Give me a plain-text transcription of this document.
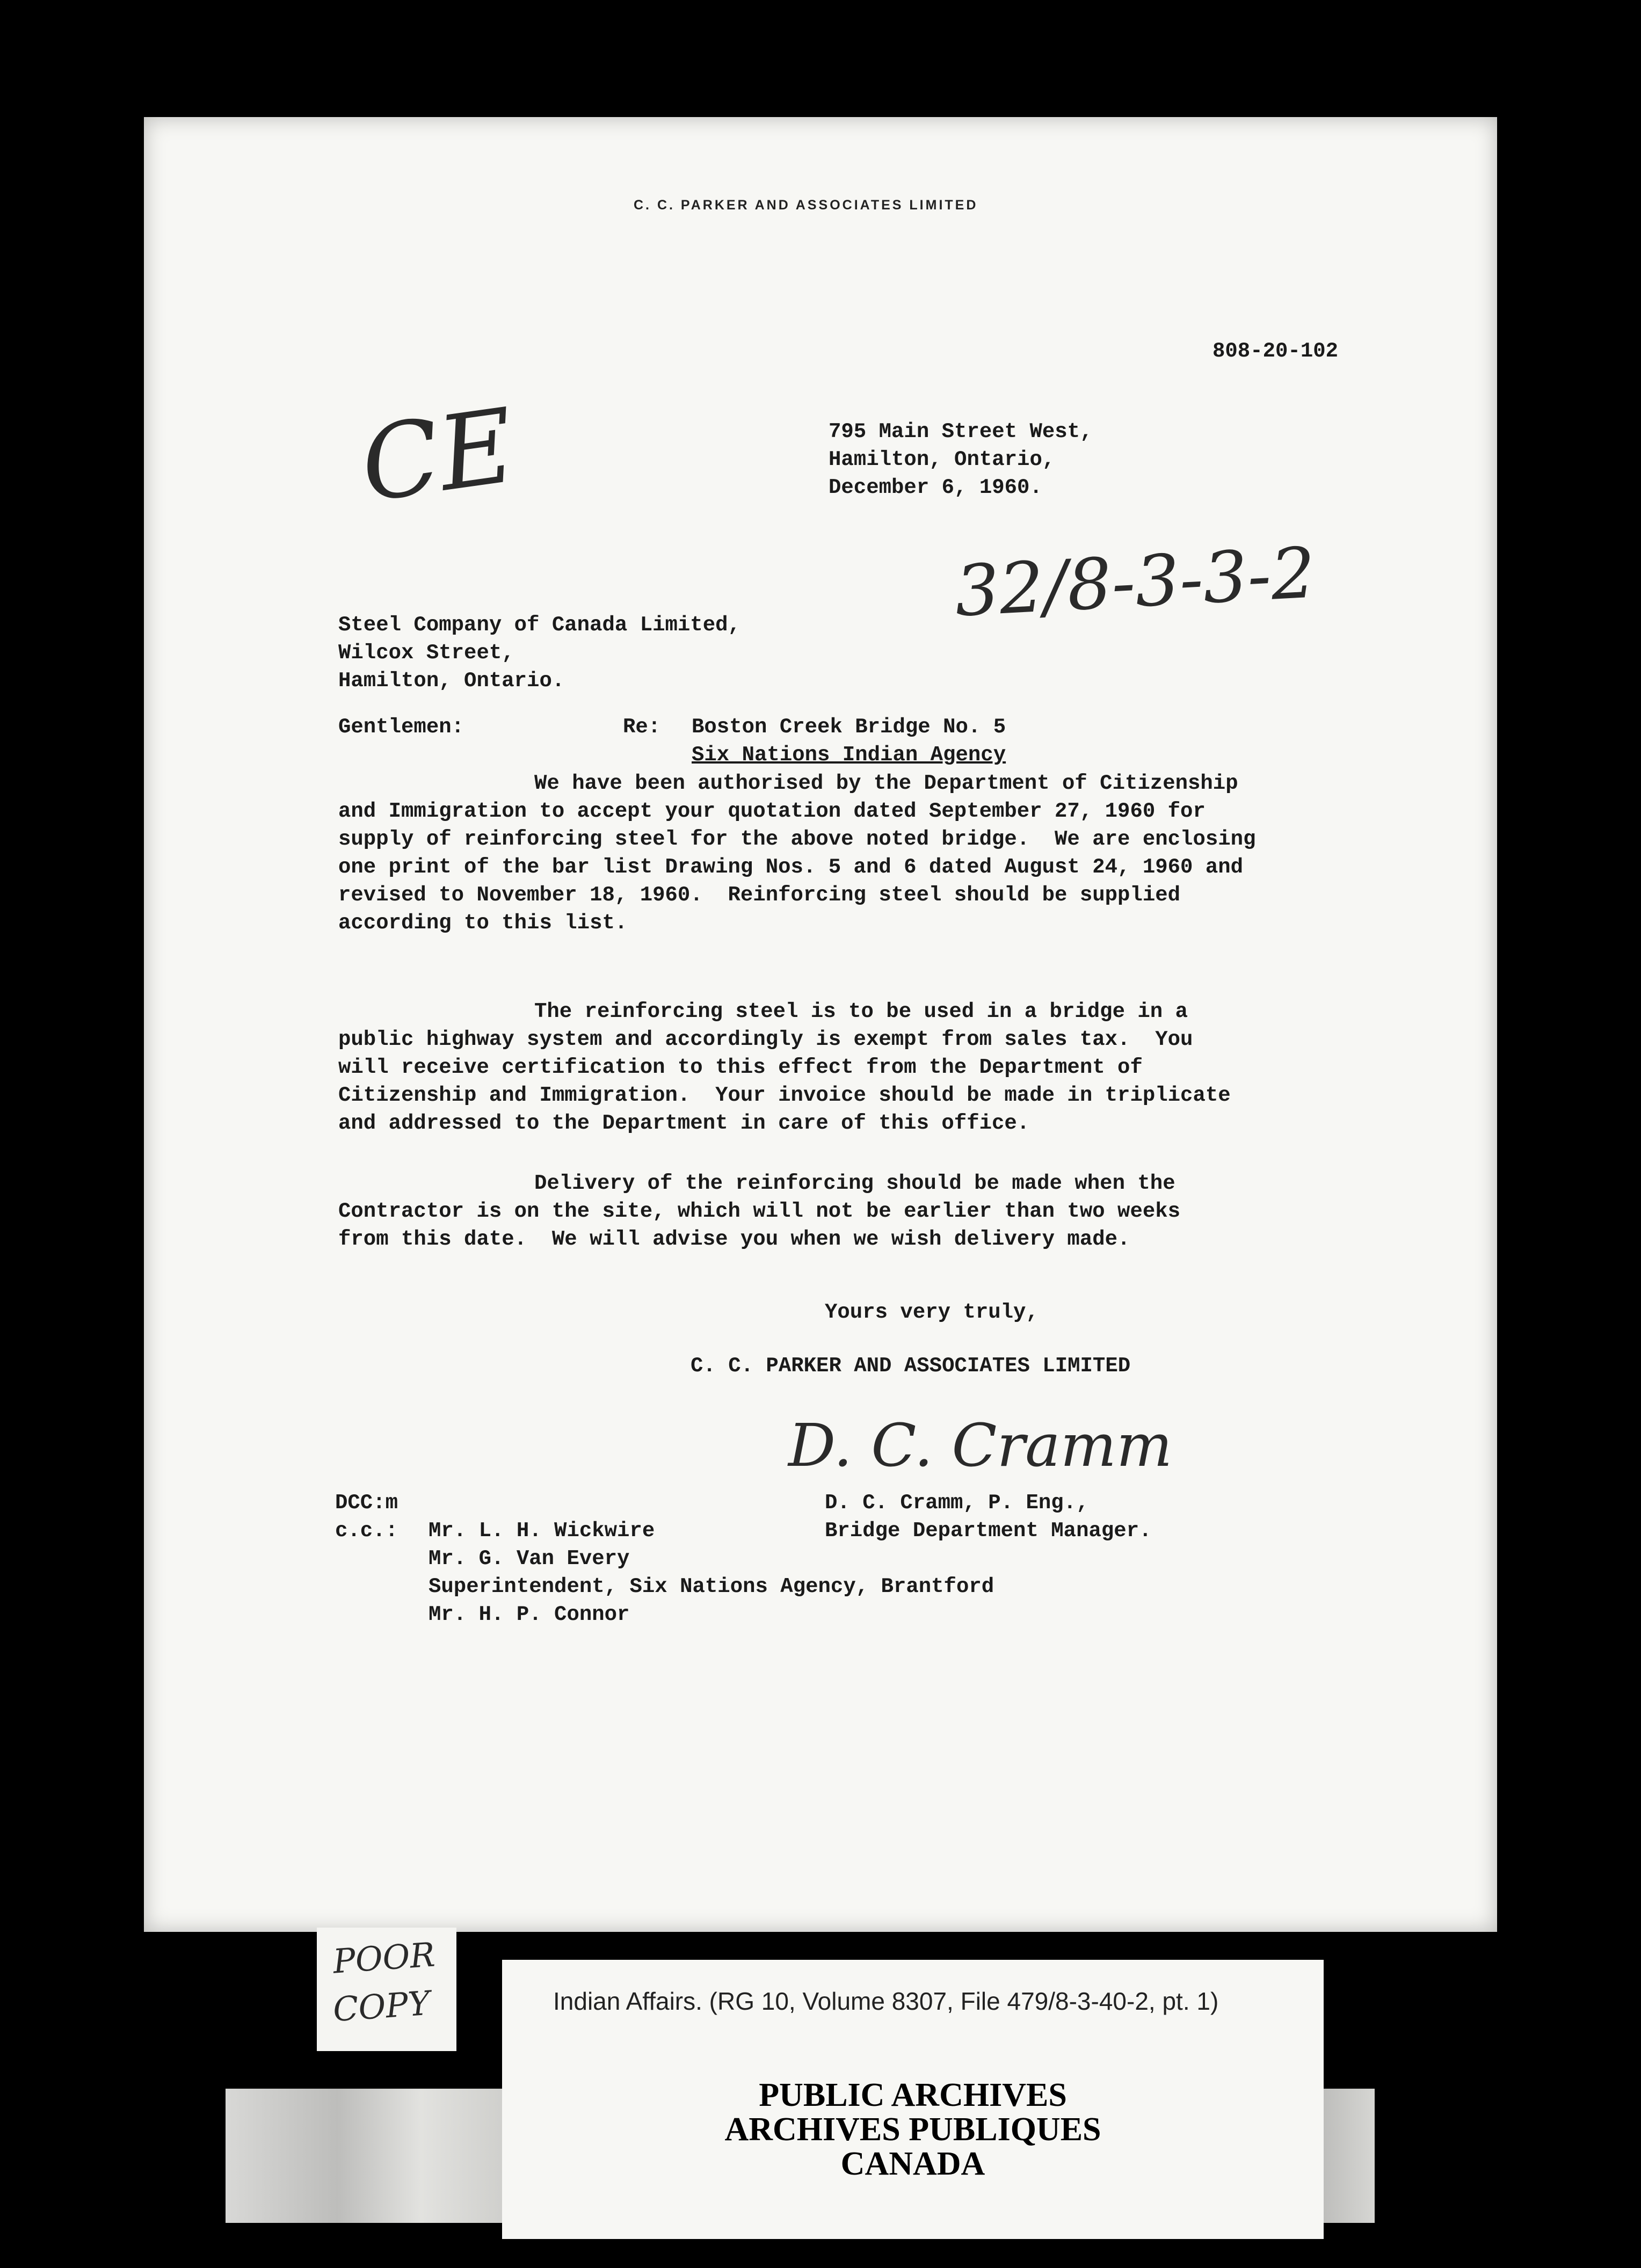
C. C. PARKER AND ASSOCIATES LIMITED
808-20-102
CE	795 Main Street West,
Hamilton, Ontario,
December 6, 1960.
32/8-3-3-2
Steel Company of Canada Limited,
Wilcox Street,
Hamilton, Ontario.
Gentlemen:	Re: Boston Creek Bridge No. 5
Six Nations Indian Agency
We have been authorised by the Department of Citizenship
and Immigration to accept your quotation dated September 27, 1960 for
supply of reinforcing steel for the above noted bridge.  We are enclosing
one print of the bar list Drawing Nos. 5 and 6 dated August 24, 1960 and
revised to November 18, 1960.  Reinforcing steel should be supplied
according to this list.
The reinforcing steel is to be used in a bridge in a
public highway system and accordingly is exempt from sales tax.  You
will receive certification to this effect from the Department of
Citizenship and Immigration.  Your invoice should be made in triplicate
and addressed to the Department in care of this office.
Delivery of the reinforcing should be made when the
Contractor is on the site, which will not be earlier than two weeks
from this date.  We will advise you when we wish delivery made.
Yours very truly,
C. C. PARKER AND ASSOCIATES LIMITED
D. C. Cramm
D. C. Cramm, P. Eng.,
Bridge Department Manager.
DCC:m
c.c.: Mr. L. H. Wickwire
Mr. G. Van Every
Superintendent, Six Nations Agency, Brantford
Mr. H. P. Connor
POOR
COPY	Indian Affairs. (RG 10, Volume 8307, File 479/8-3-40-2, pt. 1)
PUBLIC ARCHIVES
ARCHIVES PUBLIQUES
CANADA
